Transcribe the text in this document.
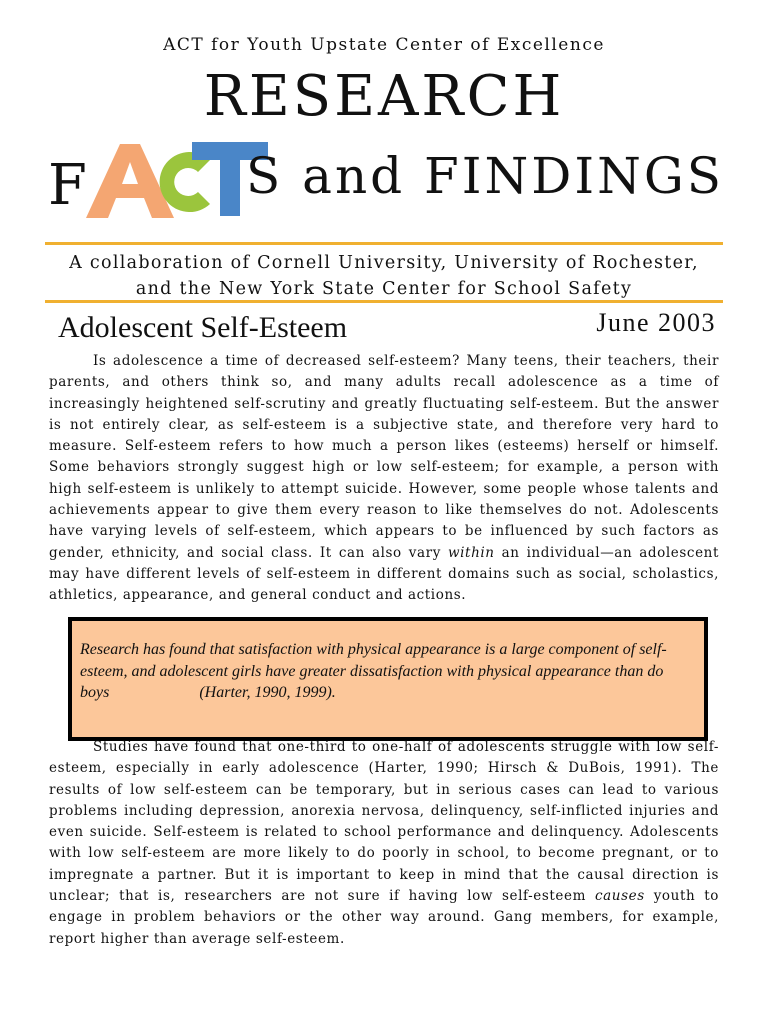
ACT for Youth Upstate Center of Excellence
RESEARCH
F	S and FINDINGS
A collaboration of Cornell University, University of Rochester,
and the New York State Center for School Safety
Adolescent Self-Esteem	June 2003

Is adolescence a time of decreased self-esteem? Many teens, their teachers, their parents, and others think so, and many adults recall adolescence as a time of increasingly heightened self-scrutiny and greatly fluctuating self-esteem. But the answer is not entirely clear, as self-esteem is a subjective state, and therefore very hard to measure. Self-esteem refers to how much a person likes (esteems) herself or himself. Some behaviors strongly suggest high or low self-esteem; for example, a person with high self-esteem is unlikely to attempt suicide. However, some people whose talents and achievements appear to give them every reason to like themselves do not. Adolescents have varying levels of self-esteem, which appears to be influenced by such factors as gender, ethnicity, and social class. It can also vary within an individual—an adolescent may have different levels of self-esteem in different domains such as social, scholastics, athletics, appearance, and general conduct and actions.

Research has found that satisfaction with physical appearance is a large component of self-esteem, and adolescent girls have greater dissatisfaction with physical appearance than do boys	(Harter, 1990, 1999).

Studies have found that one-third to one-half of adolescents struggle with low self-esteem, especially in early adolescence (Harter, 1990; Hirsch & DuBois, 1991). The results of low self-esteem can be temporary, but in serious cases can lead to various problems including depression, anorexia nervosa, delinquency, self-inflicted injuries and even suicide. Self-esteem is related to school performance and delinquency. Adolescents with low self-esteem are more likely to do poorly in school, to become pregnant, or to impregnate a partner. But it is important to keep in mind that the causal direction is unclear; that is, researchers are not sure if having low self-esteem causes youth to engage in problem behaviors or the other way around. Gang members, for example, report higher than average self-esteem.
